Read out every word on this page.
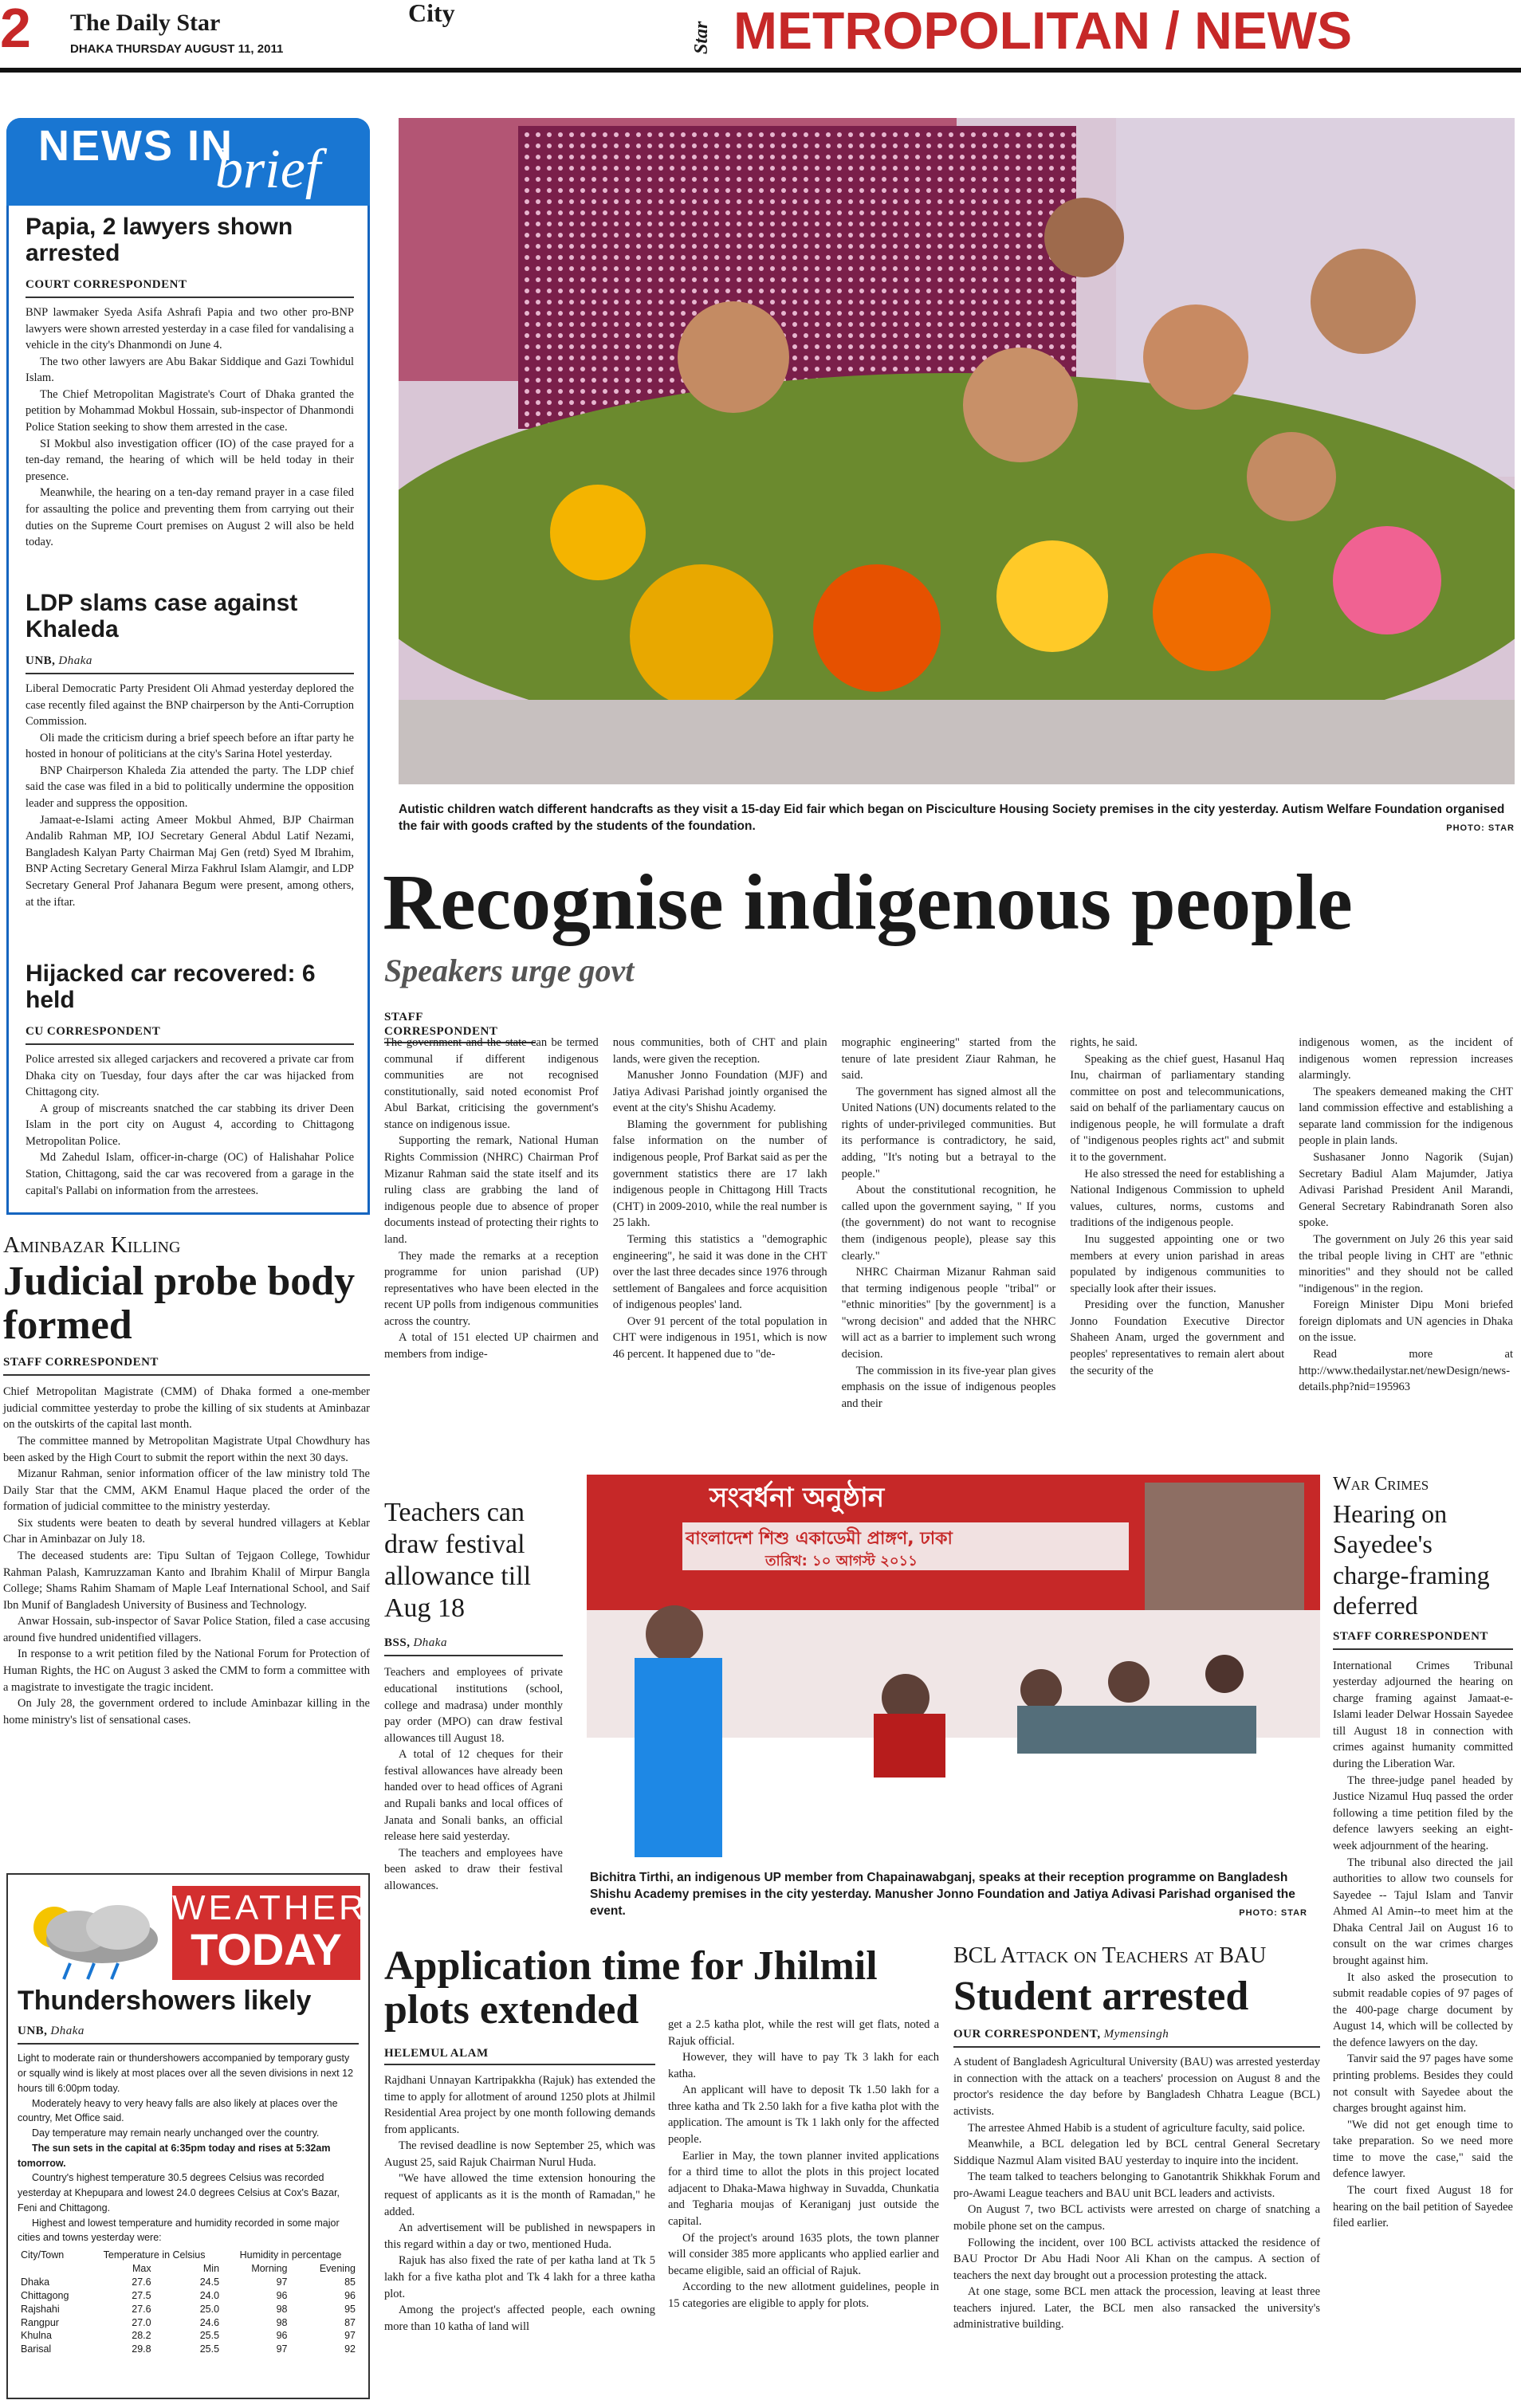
2 The Daily Star
DHAKA THURSDAY AUGUST 11, 2011
City
Star METROPOLITAN / NEWS
NEWS IN
brief
Papia, 2 lawyers shown arrested
COURT CORRESPONDENT

BNP lawmaker Syeda Asifa Ashrafi Papia and two other pro-BNP lawyers were shown arrested yesterday in a case filed for vandalising a vehicle in the city's Dhanmondi on June 4.

The two other lawyers are Abu Bakar Siddique and Gazi Towhidul Islam.

The Chief Metropolitan Magistrate's Court of Dhaka granted the petition by Mohammad Mokbul Hossain, sub-inspector of Dhanmondi Police Station seeking to show them arrested in the case.

SI Mokbul also investigation officer (IO) of the case prayed for a ten-day remand, the hearing of which will be held today in their presence.

Meanwhile, the hearing on a ten-day remand prayer in a case filed for assaulting the police and preventing them from carrying out their duties on the Supreme Court premises on August 2 will also be held today.

LDP slams case against Khaleda
UNB, Dhaka

Liberal Democratic Party President Oli Ahmad yesterday deplored the case recently filed against the BNP chairperson by the Anti-Corruption Commission.

Oli made the criticism during a brief speech before an iftar party he hosted in honour of politicians at the city's Sarina Hotel yesterday.

BNP Chairperson Khaleda Zia attended the party. The LDP chief said the case was filed in a bid to politically undermine the opposition leader and suppress the opposition.

Jamaat-e-Islami acting Ameer Mokbul Ahmed, BJP Chairman Andalib Rahman MP, IOJ Secretary General Abdul Latif Nezami, Bangladesh Kalyan Party Chairman Maj Gen (retd) Syed M Ibrahim, BNP Acting Secretary General Mirza Fakhrul Islam Alamgir, and LDP Secretary General Prof Jahanara Begum were present, among others, at the iftar.

Hijacked car recovered: 6 held
CU CORRESPONDENT

Police arrested six alleged carjackers and recovered a private car from Dhaka city on Tuesday, four days after the car was hijacked from Chittagong city.

A group of miscreants snatched the car stabbing its driver Deen Islam in the port city on August 4, according to Chittagong Metropolitan Police.

Md Zahedul Islam, officer-in-charge (OC) of Halishahar Police Station, Chittagong, said the car was recovered from a garage in the capital's Pallabi on information from the arrestees.

Aminbazar Killing
Judicial probe body formed
STAFF CORRESPONDENT

Chief Metropolitan Magistrate (CMM) of Dhaka formed a one-member judicial committee yesterday to probe the killing of six students at Aminbazar on the outskirts of the capital last month.

The committee manned by Metropolitan Magistrate Utpal Chowdhury has been asked by the High Court to submit the report within the next 30 days.

Mizanur Rahman, senior information officer of the law ministry told The Daily Star that the CMM, AKM Enamul Haque placed the order of the formation of judicial committee to the ministry yesterday.

Six students were beaten to death by several hundred villagers at Keblar Char in Aminbazar on July 18.

The deceased students are: Tipu Sultan of Tejgaon College, Towhidur Rahman Palash, Kamruzzaman Kanto and Ibrahim Khalil of Mirpur Bangla College; Shams Rahim Shamam of Maple Leaf International School, and Saif Ibn Munif of Bangladesh University of Business and Technology.

Anwar Hossain, sub-inspector of Savar Police Station, filed a case accusing around five hundred unidentified villagers.

In response to a writ petition filed by the National Forum for Protection of Human Rights, the HC on August 3 asked the CMM to form a committee with a magistrate to investigate the tragic incident.

On July 28, the government ordered to include Aminbazar killing in the home ministry's list of sensational cases.

WEATHER
TODAY
Thundershowers likely
UNB, Dhaka

Light to moderate rain or thundershowers accompanied by temporary gusty or squally wind is likely at most places over all the seven divisions in next 12 hours till 6:00pm today.

Moderately heavy to very heavy falls are also likely at places over the country, Met Office said.

Day temperature may remain nearly unchanged over the country.

The sun sets in the capital at 6:35pm today and rises at 5:32am tomorrow.

Country's highest temperature 30.5 degrees Celsius was recorded yesterday at Khepupara and lowest 24.0 degrees Celsius at Cox's Bazar, Feni and Chittagong.

Highest and lowest temperature and humidity recorded in some major cities and towns yesterday were:

City/Town	Temperature in Celsius		Humidity in percentage	
	Max	Min	Morning	Evening
Dhaka	27.6	24.5	97	85
Chittagong	27.5	24.0	96	96
Rajshahi	27.6	25.0	98	95
Rangpur	27.0	24.6	98	87
Khulna	28.2	25.5	96	97
Barisal	29.8	25.5	97	92
Autistic children watch different handcrafts as they visit a 15-day Eid fair which began on Pisciculture Housing Society premises in the city yesterday. Autism Welfare Foundation organised the fair with goods crafted by the students of the foundation.	PHOTO: STAR
Recognise indigenous people
Speakers urge govt
STAFF CORRESPONDENT

The government and the state can be termed communal if different indigenous communities are not recognised constitutionally, said noted economist Prof Abul Barkat, criticising the government's stance on indigenous issue.

Supporting the remark, National Human Rights Commission (NHRC) Chairman Prof Mizanur Rahman said the state itself and its ruling class are grabbing the land of indigenous people due to absence of proper documents instead of protecting their rights to land.

They made the remarks at a reception programme for union parishad (UP) representatives who have been elected in the recent UP polls from indigenous communities across the country.

A total of 151 elected UP chairmen and members from indige-

nous communities, both of CHT and plain lands, were given the reception.

Manusher Jonno Foundation (MJF) and Jatiya Adivasi Parishad jointly organised the event at the city's Shishu Academy.

Blaming the government for publishing false information on the number of indigenous people, Prof Barkat said as per the government statistics there are 17 lakh indigenous people in Chittagong Hill Tracts (CHT) in 2009-2010, while the real number is 25 lakh.

Terming this statistics a "demographic engineering", he said it was done in the CHT over the last three decades since 1976 through settlement of Bangalees and force acquisition of indigenous peoples' land.

Over 91 percent of the total population in CHT were indigenous in 1951, which is now 46 percent. It happened due to "de-

mographic engineering" started from the tenure of late president Ziaur Rahman, he said.

The government has signed almost all the United Nations (UN) documents related to the rights of under-privileged communities. But its performance is contradictory, he said, adding, "It's noting but a betrayal to the people."

About the constitutional recognition, he called upon the government saying, " If you (the government) do not want to recognise them (indigenous people), please say this clearly."

NHRC Chairman Mizanur Rahman said that terming indigenous people "tribal" or "ethnic minorities" [by the government] is a "wrong decision" and added that the NHRC will act as a barrier to implement such wrong decision.

The commission in its five-year plan gives emphasis on the issue of indigenous peoples and their

rights, he said.

Speaking as the chief guest, Hasanul Haq Inu, chairman of parliamentary standing committee on post and telecommunications, said on behalf of the parliamentary caucus on indigenous people, he will formulate a draft of "indigenous peoples rights act" and submit it to the government.

He also stressed the need for establishing a National Indigenous Commission to upheld values, cultures, norms, customs and traditions of the indigenous people.

Inu suggested appointing one or two members at every union parishad in areas populated by indigenous communities to specially look after their issues.

Presiding over the function, Manusher Jonno Foundation Executive Director Shaheen Anam, urged the government and peoples' representatives to remain alert about the security of the

indigenous women, as the incident of indigenous women repression increases alarmingly.

The speakers demeaned making the CHT land commission effective and establishing a separate land commission for the indigenous people in plain lands.

Sushasaner Jonno Nagorik (Sujan) Secretary Badiul Alam Majumder, Jatiya Adivasi Parishad President Anil Marandi, General Secretary Rabindranath Soren also spoke.

The government on July 26 this year said the tribal people living in CHT are "ethnic minorities" and they should not be called "indigenous" in the region.

Foreign Minister Dipu Moni briefed foreign diplomats and UN agencies in Dhaka on the issue.

Read more at http://www.thedailystar.net/newDesign/news-details.php?nid=195963

Teachers can draw festival allowance till Aug 18
BSS, Dhaka

Teachers and employees of private educational institutions (school, college and madrasa) under monthly pay order (MPO) can draw festival allowances till August 18.

A total of 12 cheques for their festival allowances have already been handed over to head offices of Agrani and Rupali banks and local offices of Janata and Sonali banks, an official release here said yesterday.

The teachers and employees have been asked to draw their festival allowances.

সংবর্ধনা অনুষ্ঠান
বাংলাদেশ শিশু একাডেমী প্রাঙ্গণ, ঢাকা
তারিখ: ১০ আগস্ট ২০১১
Bichitra Tirthi, an indigenous UP member from Chapainawabganj, speaks at their reception programme on Bangladesh Shishu Academy premises in the city yesterday. Manusher Jonno Foundation and Jatiya Adivasi Parishad organised the event.	PHOTO: STAR
War Crimes
Hearing on Sayedee's charge-framing deferred
STAFF CORRESPONDENT

International Crimes Tribunal yesterday adjourned the hearing on charge framing against Jamaat-e-Islami leader Delwar Hossain Sayedee till August 18 in connection with crimes against humanity committed during the Liberation War.

The three-judge panel headed by Justice Nizamul Huq passed the order following a time petition filed by the defence lawyers seeking an eight-week adjournment of the hearing.

The tribunal also directed the jail authorities to allow two counsels for Sayedee -- Tajul Islam and Tanvir Ahmed Al Amin--to meet him at the Dhaka Central Jail on August 16 to consult on the war crimes charges brought against him.

It also asked the prosecution to submit readable copies of 97 pages of the 400-page charge document by August 14, which will be collected by the defence lawyers on the day.

Tanvir said the 97 pages have some printing problems. Besides they could not consult with Sayedee about the charges brought against him.

"We did not get enough time to take preparation. So we need more time to move the case," said the defence lawyer.

The court fixed August 18 for hearing on the bail petition of Sayedee filed earlier.

Application time for Jhilmil plots extended
HELEMUL ALAM

Rajdhani Unnayan Kartripakkha (Rajuk) has extended the time to apply for allotment of around 1250 plots at Jhilmil Residential Area project by one month following demands from applicants.

The revised deadline is now September 25, which was August 25, said Rajuk Chairman Nurul Huda.

"We have allowed the time extension honouring the request of applicants as it is the month of Ramadan," he added.

An advertisement will be published in newspapers in this regard within a day or two, mentioned Huda.

Rajuk has also fixed the rate of per katha land at Tk 5 lakh for a five katha plot and Tk 4 lakh for a three katha plot.

Among the project's affected people, each owning more than 10 katha of land will

get a 2.5 katha plot, while the rest will get flats, noted a Rajuk official.

However, they will have to pay Tk 3 lakh for each katha.

An applicant will have to deposit Tk 1.50 lakh for a three katha and Tk 2.50 lakh for a five katha plot with the application. The amount is Tk 1 lakh only for the affected people.

Earlier in May, the town planner invited applications for a third time to allot the plots in this project located adjacent to Dhaka-Mawa highway in Suvadda, Chunkatia and Tegharia moujas of Keraniganj just outside the capital.

Of the project's around 1635 plots, the town planner will consider 385 more applicants who applied earlier and became eligible, said an official of Rajuk.

According to the new allotment guidelines, people in 15 categories are eligible to apply for plots.

BCL Attack on Teachers at BAU
Student arrested
OUR CORRESPONDENT, Mymensingh

A student of Bangladesh Agricultural University (BAU) was arrested yesterday in connection with the attack on a teachers' procession on August 8 and the proctor's residence the day before by Bangladesh Chhatra League (BCL) activists.

The arrestee Ahmed Habib is a student of agriculture faculty, said police.

Meanwhile, a BCL delegation led by BCL central General Secretary Siddique Nazmul Alam visited BAU yesterday to inquire into the incident.

The team talked to teachers belonging to Ganotantrik Shikkhak Forum and pro-Awami League teachers and BAU unit BCL leaders and activists.

On August 7, two BCL activists were arrested on charge of snatching a mobile phone set on the campus.

Following the incident, over 100 BCL activists attacked the residence of BAU Proctor Dr Abu Hadi Noor Ali Khan on the campus. A section of teachers the next day brought out a procession protesting the attack.

At one stage, some BCL men attack the procession, leaving at least three teachers injured. Later, the BCL men also ransacked the university's administrative building.
